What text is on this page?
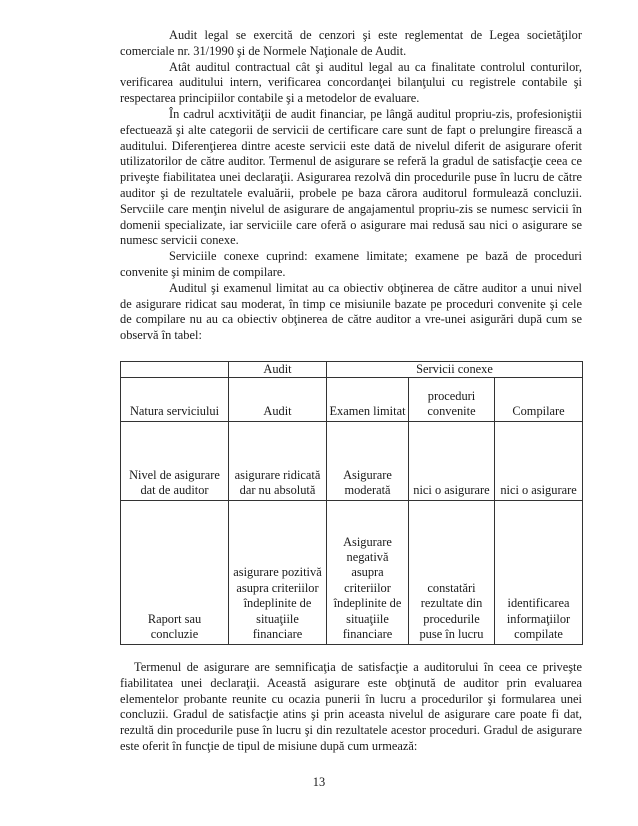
Audit legal se exercită de cenzori şi este reglementat de Legea societăţilor comerciale nr. 31/1990 şi de Normele Naţionale de Audit.

Atât auditul contractual cât şi auditul legal au ca finalitate controlul conturilor, verificarea auditului intern, verificarea concordanţei bilanţului cu registrele contabile şi respectarea principiilor contabile şi a metodelor de evaluare.

În cadrul acxtivităţii de audit financiar, pe lângă auditul propriu-zis, profesioniştii efectuează şi alte categorii de servicii de certificare care sunt de fapt o prelungire firească a auditului. Diferenţierea dintre aceste servicii este dată de nivelul diferit de asigurare oferit utilizatorilor de către auditor. Termenul de asigurare se referă la gradul de satisfacţie ceea ce priveşte fiabilitatea unei declaraţii. Asigurarea rezolvă din procedurile puse în lucru de către auditor şi de rezultatele evaluării, probele pe baza cărora auditorul formulează concluzii. Servciile care menţin nivelul de asigurare de angajamentul propriu-zis se numesc servicii în domenii specializate, iar serviciile care oferă o asigurare mai redusă sau nici o asigurare se numesc servicii conexe.

Serviciile conexe cuprind: examene limitate; examene pe bază de proceduri convenite şi minim de compilare.

Auditul şi examenul limitat au ca obiectiv obţinerea de către auditor a unui nivel de asigurare ridicat sau moderat, în timp ce misiunile bazate pe proceduri convenite şi cele de compilare nu au ca obiectiv obţinerea de către auditor a vre-unei asigurări după cum se observă în tabel:

	Audit	Servicii conexe		
Natura serviciului	Audit	Examen limitat	proceduri convenite	Compilare
Nivel de asigurare dat de auditor	asigurare ridicată dar nu absolută	Asigurare moderată	nici o asigurare	nici o asigurare
Raport sau concluzie	asigurare pozitivă asupra criteriilor îndeplinite de situaţiile financiare	Asigurare negativă asupra criteriilor îndeplinite de situaţiile financiare	constatări rezultate din procedurile puse în lucru	identificarea informaţiilor compilate

Termenul de asigurare are semnificaţia de satisfacţie a auditorului în ceea ce priveşte fiabilitatea unei declaraţii. Această asigurare este obţinută de auditor prin evaluarea elementelor probante reunite cu ocazia punerii în lucru a procedurilor şi formularea unei concluzii. Gradul de satisfacţie atins şi prin aceasta nivelul de asigurare care poate fi dat, rezultă din procedurile puse în lucru şi din rezultatele acestor proceduri. Gradul de asigurare este oferit în funcţie de tipul de misiune după cum urmează:

13
